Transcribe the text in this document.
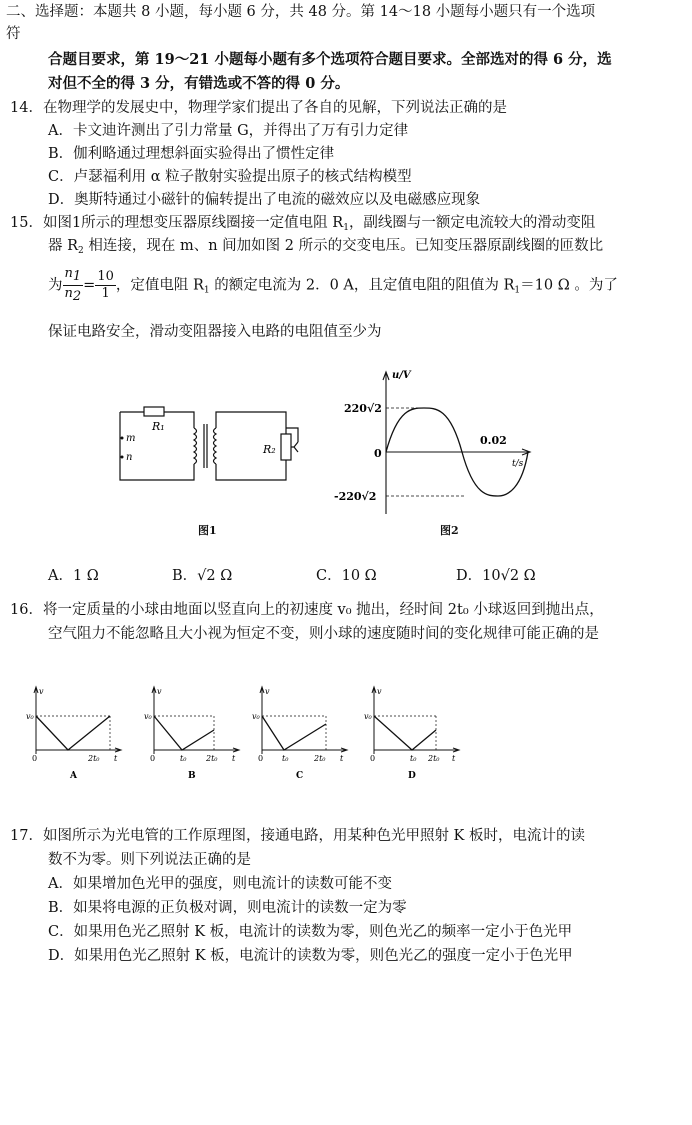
二、选择题：本题共 8 小题，每小题 6 分，共 48 分。第 14～18 小题每小题只有一个选项
符
合题目要求，第 19～21 小题每小题有多个选项符合题目要求。全部选对的得 6 分，选
对但不全的得 3 分，有错选或不答的得 0 分。
14．在物理学的发展史中，物理学家们提出了各自的见解，下列说法正确的是
A．卡文迪许测出了引力常量 G，并得出了万有引力定律
B．伽利略通过理想斜面实验得出了惯性定律
C．卢瑟福利用 α 粒子散射实验提出原子的核式结构模型
D．奥斯特通过小磁针的偏转提出了电流的磁效应以及电磁感应现象
15．如图1所示的理想变压器原线圈接一定值电阻 $R_1$，副线圈与一额定电流较大的滑动变阻
器 $R_2$ 相连接，现在 m、n 间加如图 2 所示的交变电压。已知变压器原副线圈的匝数比
为 $\frac{n1}{n2} = \frac{10}{1}$ ，定值电阻 $R_1$ 的额定电流为 2．0 A，且定值电阻的阻值为 $R_1=10$ Ω 。为了
保证电路安全，滑动变阻器接入电路的电阻值至少为
R₁
R₂
m
n
图1
u/V
t/s
220√2
-220√2
0
0.02
图2
A．1 Ω	B．√2 Ω	C．10 Ω	D．10√2 Ω
16．将一定质量的小球由地面以竖直向上的初速度 v₀ 抛出，经时间 2t₀ 小球返回到抛出点，
空气阻力不能忽略且大小视为恒定不变，则小球的速度随时间的变化规律可能正确的是
v
v₀
0	2t₀ t
A
v
v₀
0	t₀ 2t₀ t
B
v
v₀
0 t₀	2t₀ t
C
v
v₀
0	t₀ 2t₀ t
D
17．如图所示为光电管的工作原理图，接通电路，用某种色光甲照射 K 板时，电流计的读
数不为零。则下列说法正确的是
A．如果增加色光甲的强度，则电流计的读数可能不变
B．如果将电源的正负极对调，则电流计的读数一定为零
C．如果用色光乙照射 K 板，电流计的读数为零，则色光乙的频率一定小于色光甲
D．如果用色光乙照射 K 板，电流计的读数为零，则色光乙的强度一定小于色光甲
